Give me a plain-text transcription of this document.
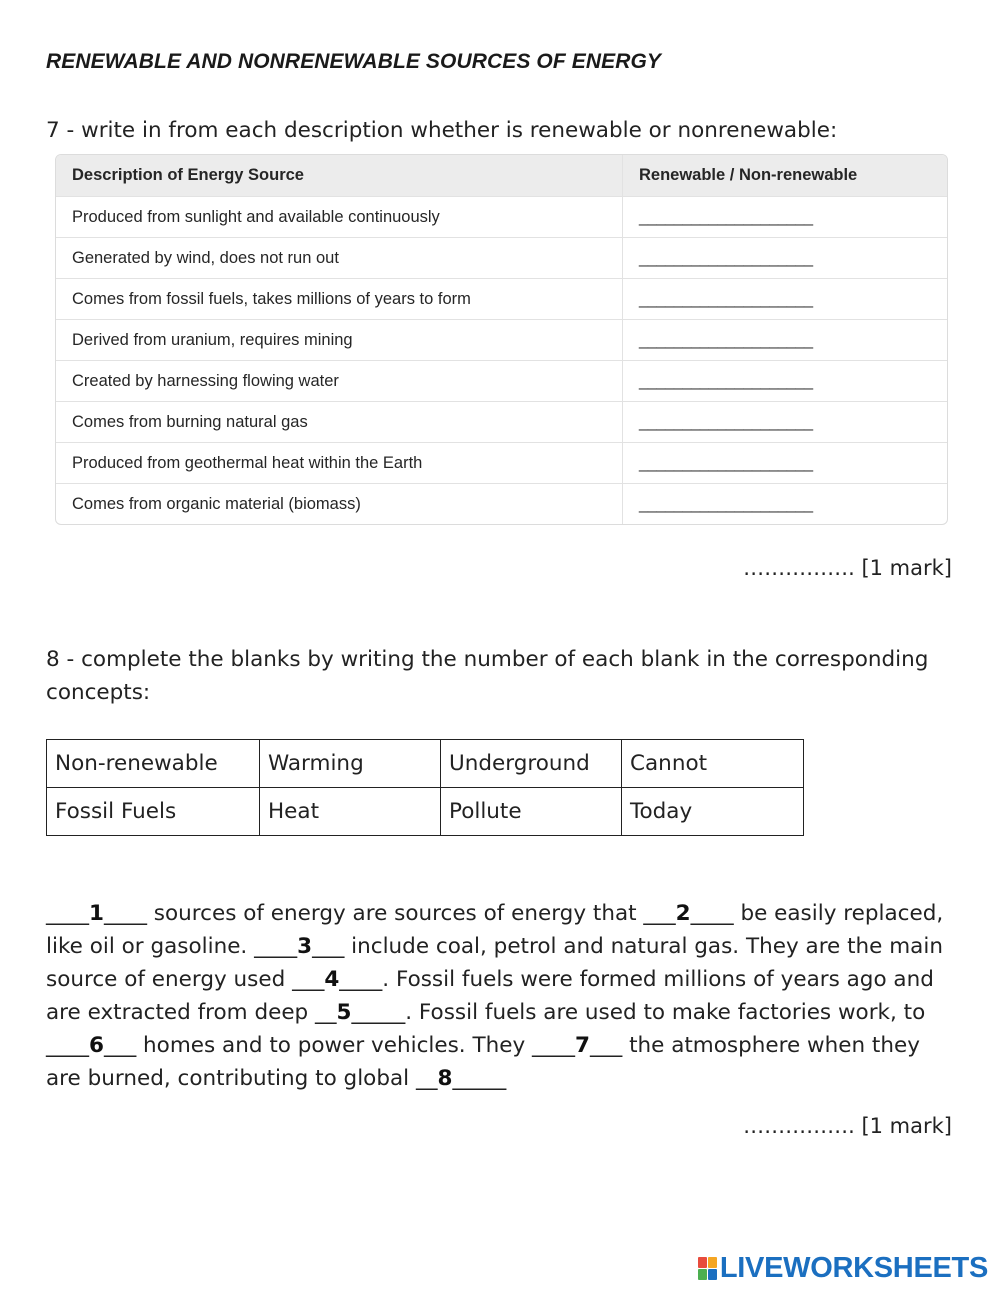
RENEWABLE AND NONRENEWABLE SOURCES OF ENERGY
7 - write in from each description whether is renewable or nonrenewable:
Description of Energy Source	Renewable / Non-renewable
Produced from sunlight and available continuously	____________________
Generated by wind, does not run out	____________________
Comes from fossil fuels, takes millions of years to form	____________________
Derived from uranium, requires mining	____________________
Created by harnessing flowing water	____________________
Comes from burning natural gas	____________________
Produced from geothermal heat within the Earth	____________________
Comes from organic material (biomass)	____________________
……………. [1 mark]
8 - complete the blanks by writing the number of each blank in the corresponding concepts:
Non-renewable	Warming	Underground	Cannot
Fossil Fuels	Heat	Pollute	Today
____1____ sources of energy are sources of energy that ___2____ be easily replaced, like oil or gasoline. ____3___ include coal, petrol and natural gas. They are the main source of energy used ___4____. Fossil fuels were formed millions of years ago and are extracted from deep __5_____. Fossil fuels are used to make factories work, to ____6___ homes and to power vehicles. They ____7___ the atmosphere when they are burned, contributing to global __8_____
……………. [1 mark]
LIVEWORKSHEETS
